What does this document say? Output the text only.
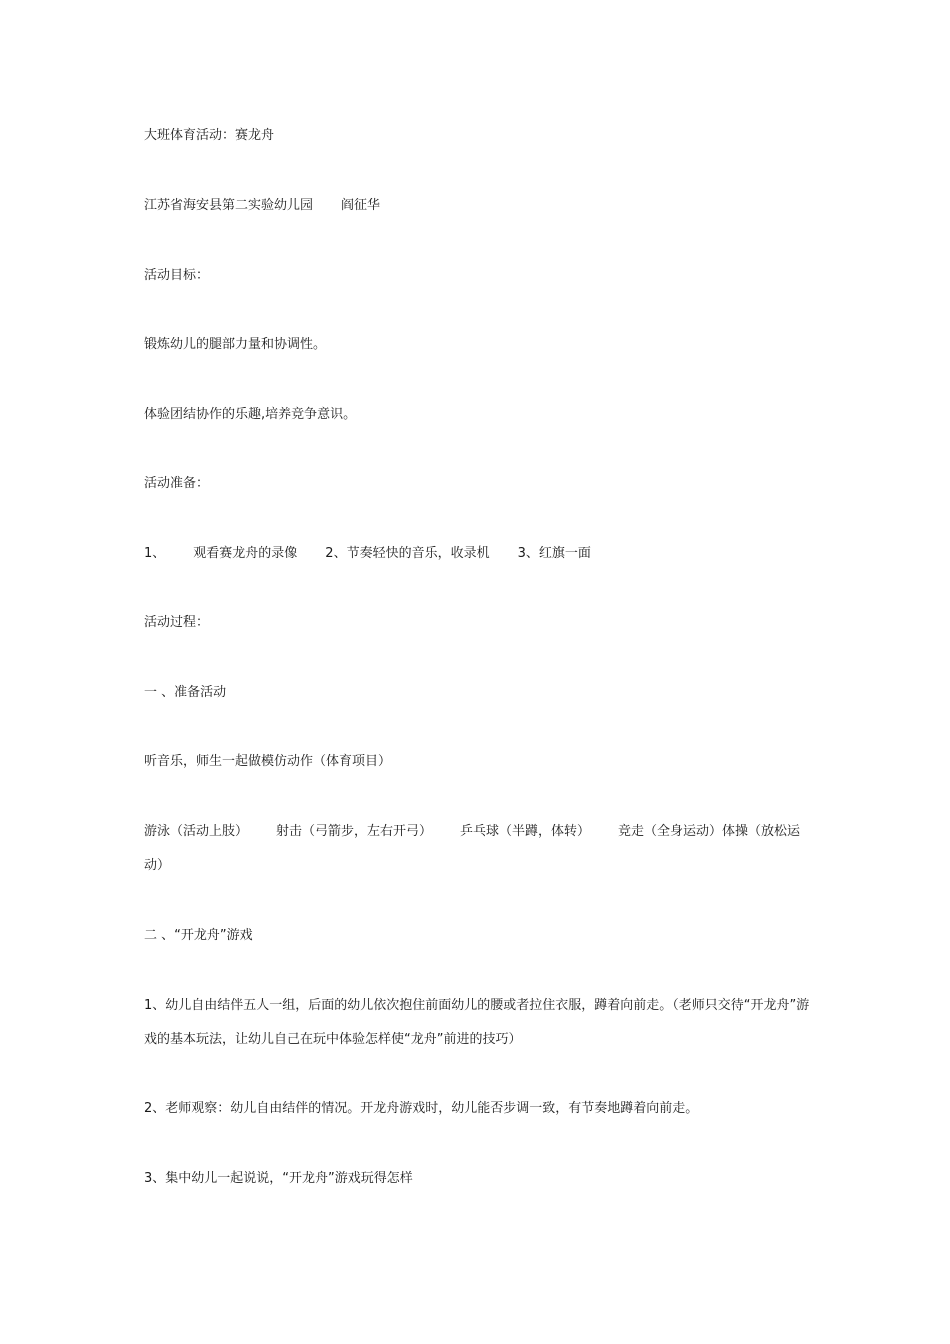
大班体育活动：赛龙舟
江苏省海安县第二实验幼儿园 阎征华
活动目标：
锻炼幼儿的腿部力量和协调性。
体验团结协作的乐趣,培养竞争意识。
活动准备：
1、 观看赛龙舟的录像 2、节奏轻快的音乐，收录机 3、红旗一面
活动过程：
一 、准备活动
听音乐，师生一起做模仿动作（体育项目）
游泳（活动上肢） 射击（弓箭步，左右开弓） 乒乓球（半蹲，体转） 竞走（全身运动）体操（放松运动）
二 、“开龙舟”游戏
1、幼儿自由结伴五人一组，后面的幼儿依次抱住前面幼儿的腰或者拉住衣服，蹲着向前走。（老师只交待“开龙舟”游戏的基本玩法，让幼儿自己在玩中体验怎样使“龙舟”前进的技巧）
2、老师观察：幼儿自由结伴的情况。开龙舟游戏时，幼儿能否步调一致，有节奏地蹲着向前走。
3、集中幼儿一起说说，“开龙舟”游戏玩得怎样
